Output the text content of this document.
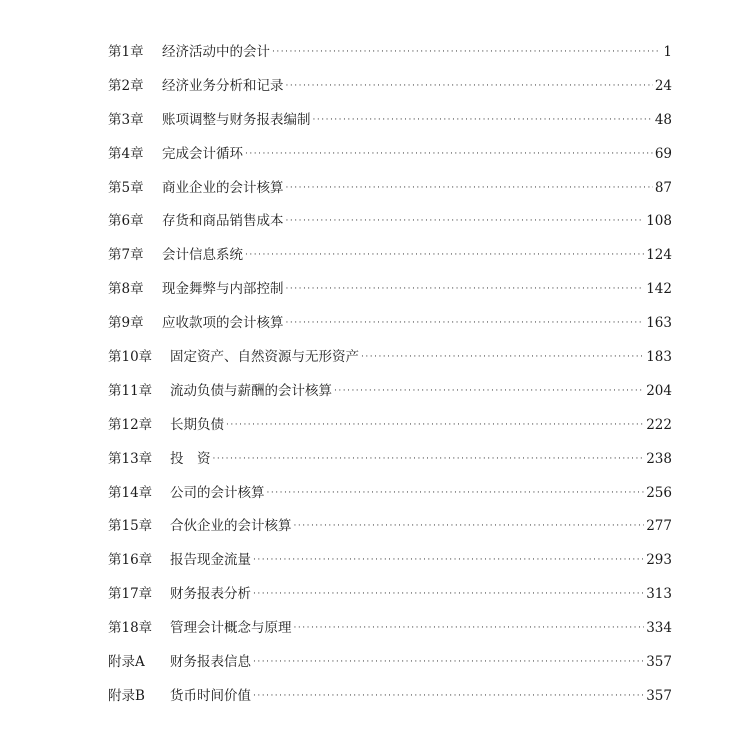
第1章	经济活动中的会计 ·····	1
第2章	经济业务分析和记录 ·····	24
第3章	账项调整与财务报表编制 ·····	48
第4章	完成会计循环 ·····	69
第5章	商业企业的会计核算 ·····	87
第6章	存货和商品销售成本 ·····	108
第7章	会计信息系统 ·····	124
第8章	现金舞弊与内部控制 ·····	142
第9章	应收款项的会计核算 ·····	163
第10章	固定资产、自然资源与无形资产 ·····	183
第11章	流动负债与薪酬的会计核算 ·····	204
第12章	长期负债 ·····	222
第13章	投　资 ·····	238
第14章	公司的会计核算 ·····	256
第15章	合伙企业的会计核算 ·····	277
第16章	报告现金流量 ·····	293
第17章	财务报表分析 ·····	313
第18章	管理会计概念与原理 ·····	334
附录A	财务报表信息 ·····	357
附录B	货币时间价值 ·····	357
